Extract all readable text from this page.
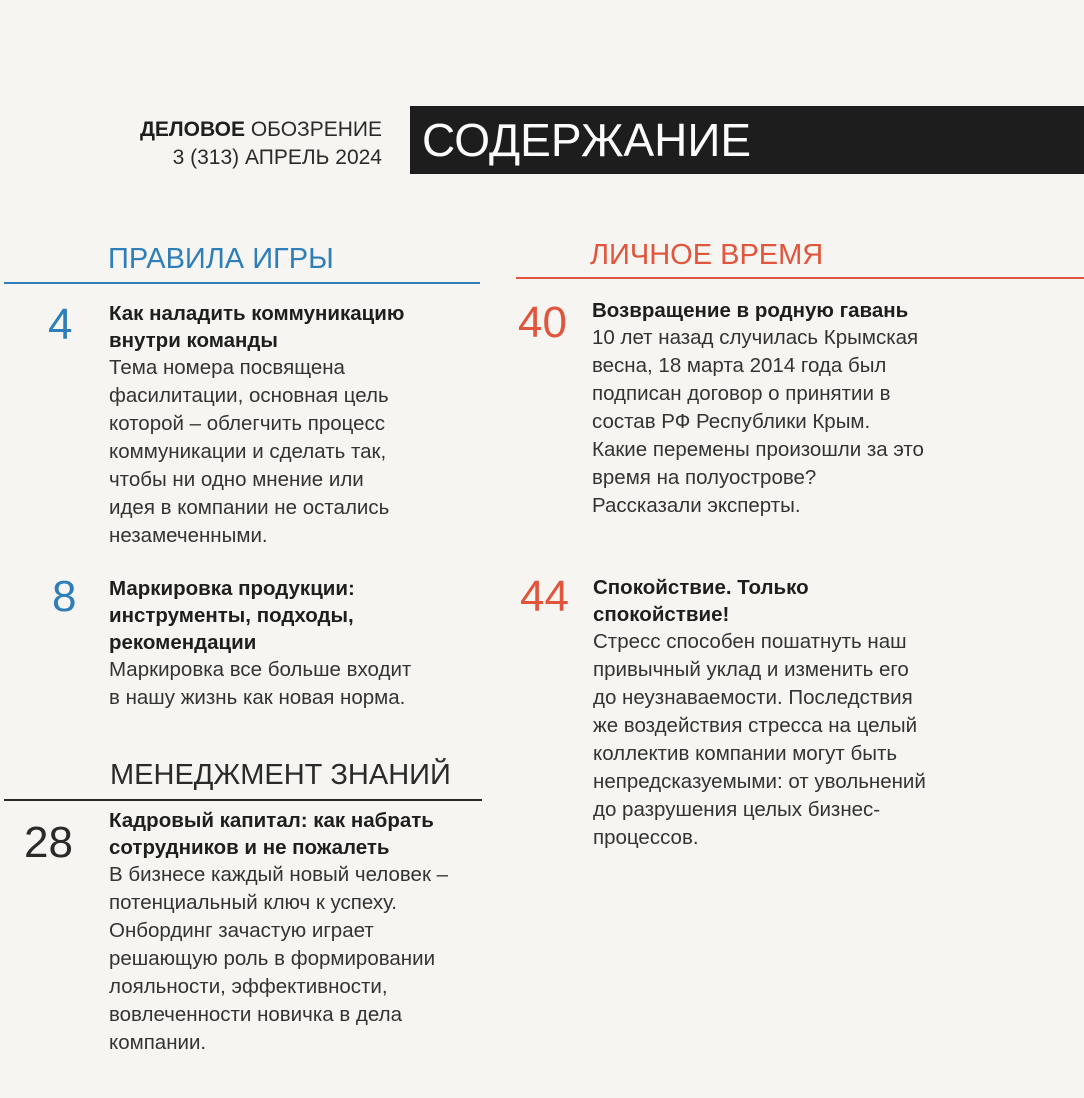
ДЕЛОВОЕ ОБОЗРЕНИЕ
3 (313) АПРЕЛЬ 2024 СОДЕРЖАНИЕ
ПРАВИЛА ИГРЫ
4 Как наладить коммуникацию внутри команды
Тема номера посвящена
фасилитации, основная цель
которой – облегчить процесс
коммуникации и сделать так,
чтобы ни одно мнение или
идея в компании не остались
незамеченными.
8 Маркировка продукции: инструменты, подходы, рекомендации
Маркировка все больше входит
в нашу жизнь как новая норма.
МЕНЕДЖМЕНТ ЗНАНИЙ
28 Кадровый капитал: как набрать сотрудников и не пожалеть
В бизнесе каждый новый человек –
потенциальный ключ к успеху.
Онбординг зачастую играет
решающую роль в формировании
лояльности, эффективности,
вовлеченности новичка в дела
компании.
ЛИЧНОЕ ВРЕМЯ
40 Возвращение в родную гавань
10 лет назад случилась Крымская
весна, 18 марта 2014 года был
подписан договор о принятии в
состав РФ Республики Крым.
Какие перемены произошли за это
время на полуострове?
Рассказали эксперты.
44 Спокойствие. Только спокойствие!
Стресс способен пошатнуть наш
привычный уклад и изменить его
до неузнаваемости. Последствия
же воздействия стресса на целый
коллектив компании могут быть
непредсказуемыми: от увольнений
до разрушения целых бизнес-
процессов.
